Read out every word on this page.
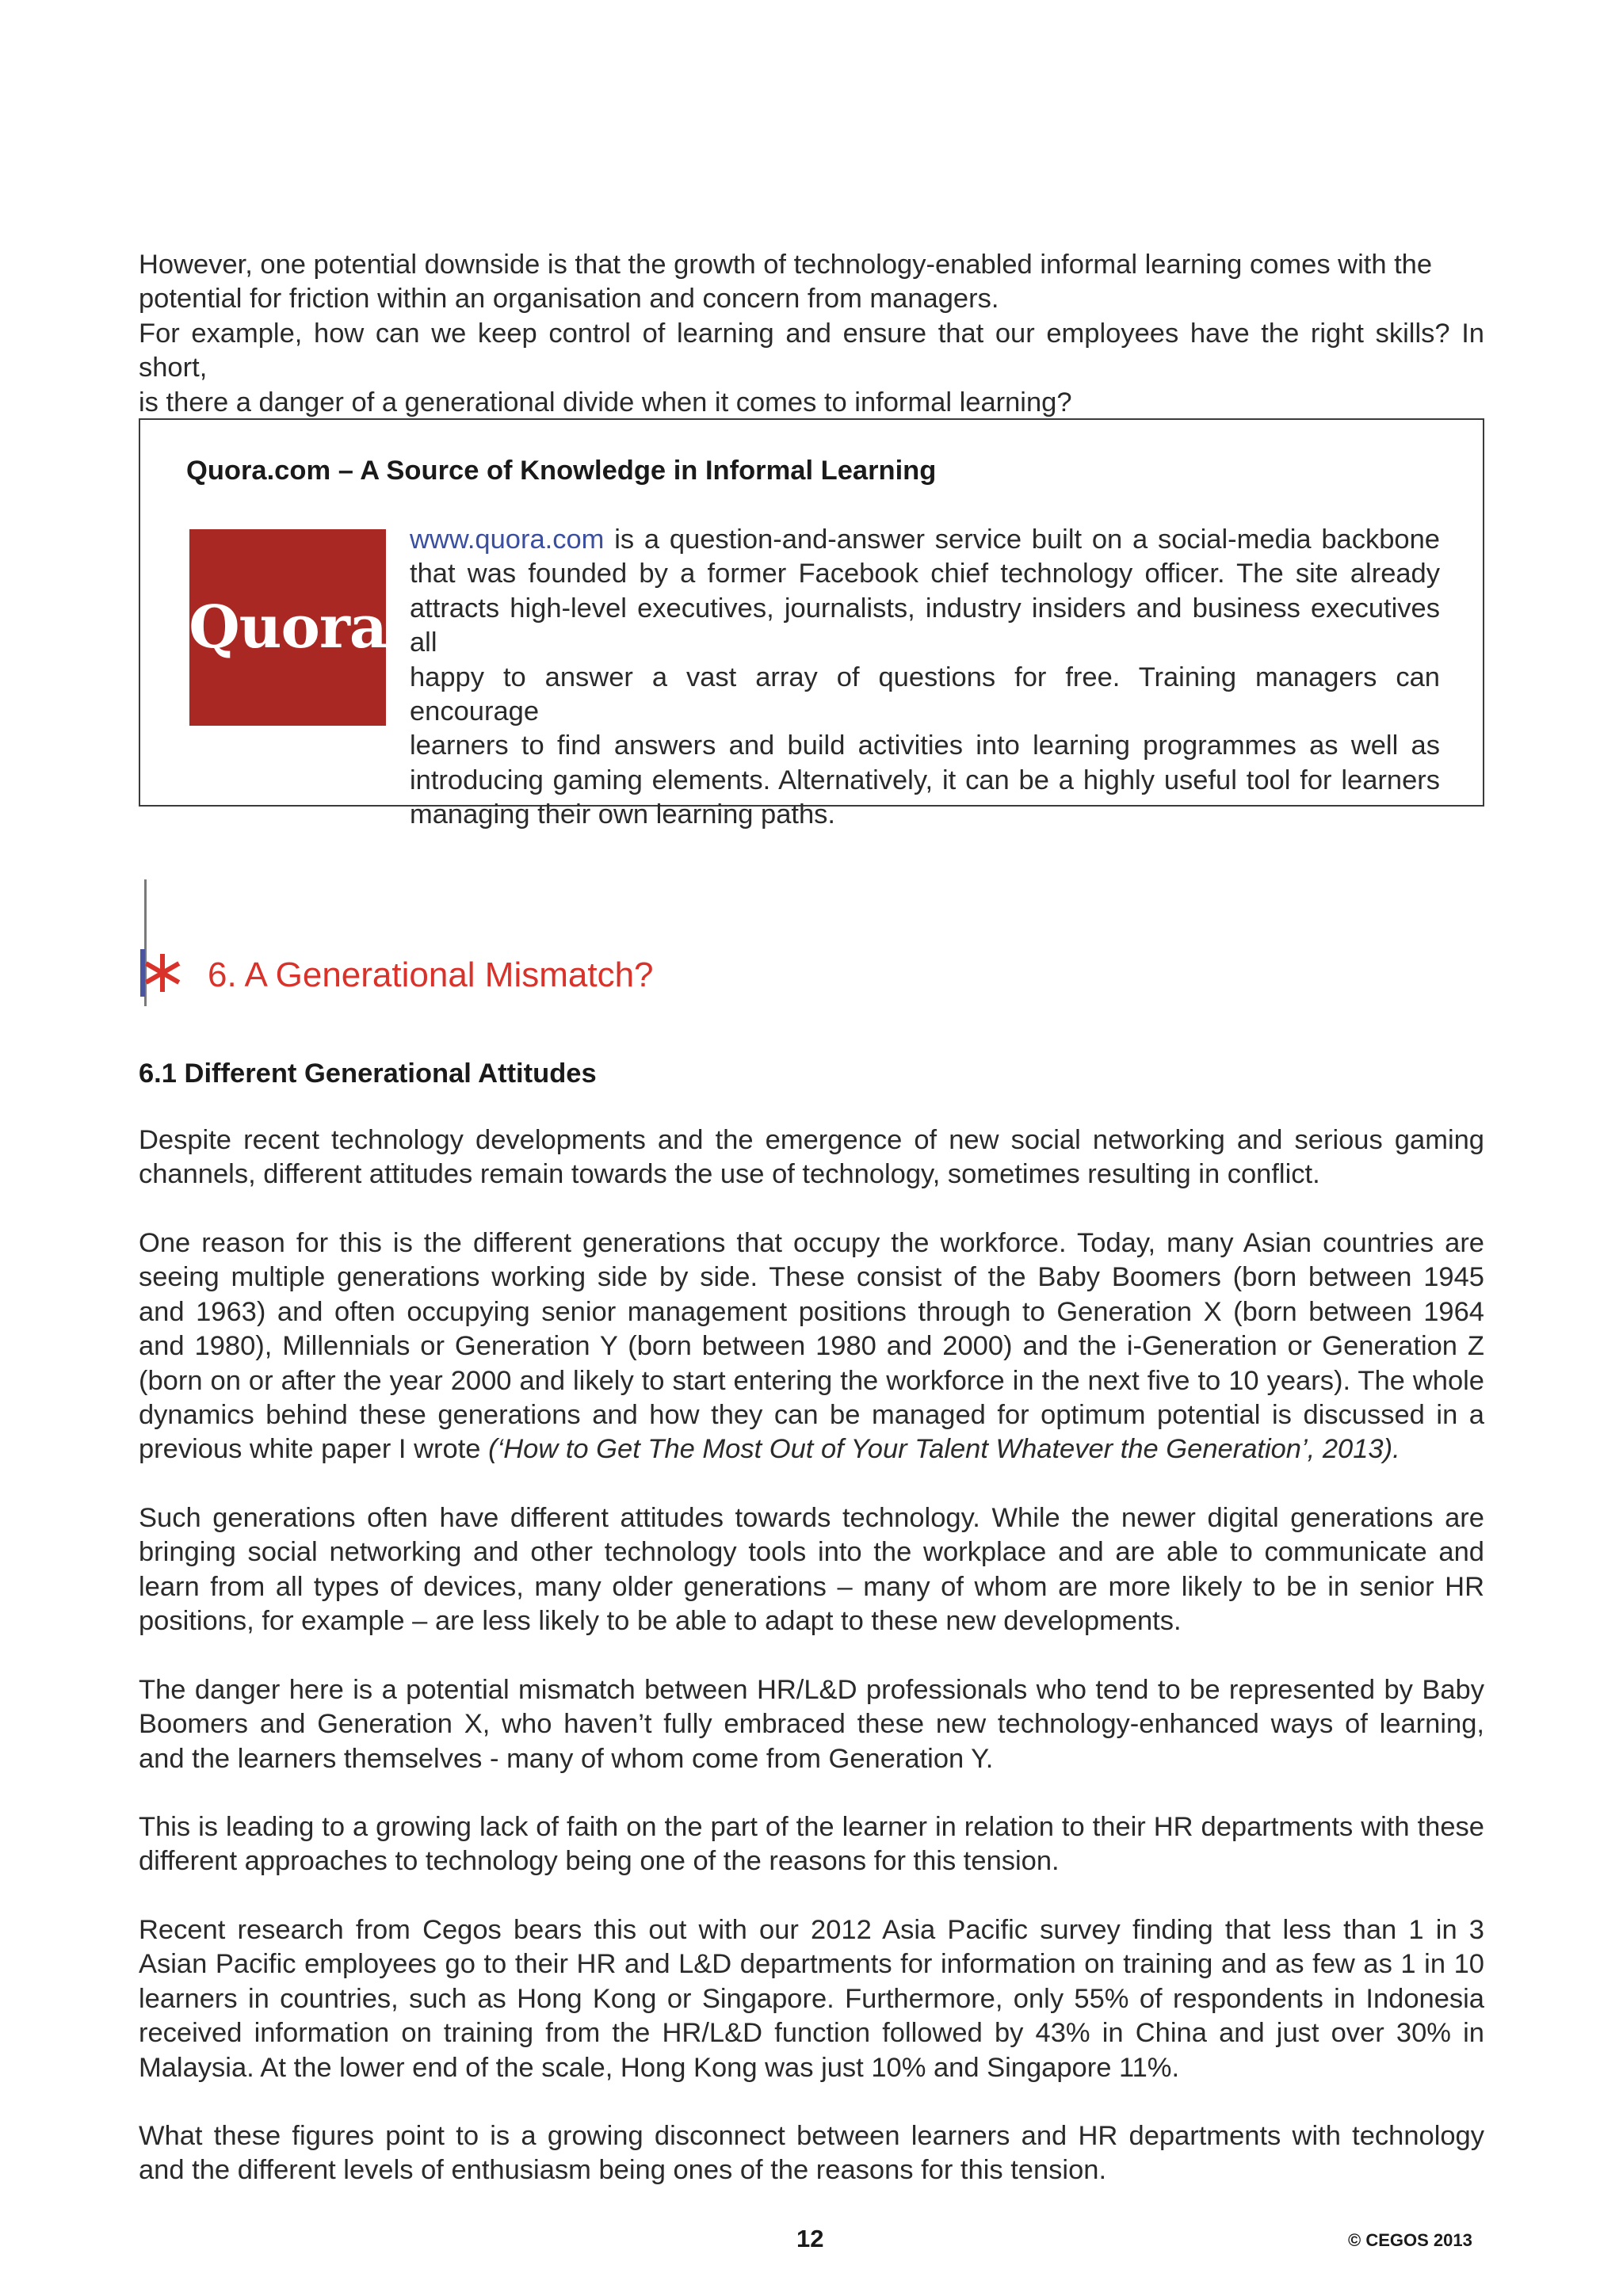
However, one potential downside is that the growth of technology-enabled informal learning comes with the
potential for friction within an organisation and concern from managers.

For example, how can we keep control of learning and ensure that our employees have the right skills? In short,
is there a danger of a generational divide when it comes to informal learning?

Quora.com – A Source of Knowledge in Informal Learning

Quora
www.quora.com is a question-and-answer service built on a social-media backbone
that was founded by a former Facebook chief technology officer. The site already
attracts high-level executives, journalists, industry insiders and business executives all
happy to answer a vast array of questions for free. Training managers can encourage
learners to find answers and build activities into learning programmes as well as
introducing gaming elements. Alternatively, it can be a highly useful tool for learners
managing their own learning paths.
6. A Generational Mismatch?
6.1 Different Generational Attitudes
Despite recent technology developments and the emergence of new social networking and serious gaming
channels, different attitudes remain towards the use of technology, sometimes resulting in conflict.
One reason for this is the different generations that occupy the workforce. Today, many Asian countries are
seeing multiple generations working side by side. These consist of the Baby Boomers (born between 1945
and 1963) and often occupying senior management positions through to Generation X (born between 1964
and 1980), Millennials or Generation Y (born between 1980 and 2000) and the i-Generation or Generation Z
(born on or after the year 2000 and likely to start entering the workforce in the next five to 10 years). The whole
dynamics behind these generations and how they can be managed for optimum potential is discussed in a
previous white paper I wrote (‘How to Get The Most Out of Your Talent Whatever the Generation’, 2013).
Such generations often have different attitudes towards technology. While the newer digital generations are
bringing social networking and other technology tools into the workplace and are able to communicate and
learn from all types of devices, many older generations – many of whom are more likely to be in senior HR
positions, for example – are less likely to be able to adapt to these new developments.
The danger here is a potential mismatch between HR/L&D professionals who tend to be represented by Baby
Boomers and Generation X, who haven’t fully embraced these new technology-enhanced ways of learning,
and the learners themselves - many of whom come from Generation Y.
This is leading to a growing lack of faith on the part of the learner in relation to their HR departments with these
different approaches to technology being one of the reasons for this tension.
Recent research from Cegos bears this out with our 2012 Asia Pacific survey finding that less than 1 in 3
Asian Pacific employees go to their HR and L&D departments for information on training and as few as 1 in 10
learners in countries, such as Hong Kong or Singapore. Furthermore, only 55% of respondents in Indonesia
received information on training from the HR/L&D function followed by 43% in China and just over 30% in
Malaysia. At the lower end of the scale, Hong Kong was just 10% and Singapore 11%.
What these figures point to is a growing disconnect between learners and HR departments with technology
and the different levels of enthusiasm being ones of the reasons for this tension.
12	© CEGOS 2013
